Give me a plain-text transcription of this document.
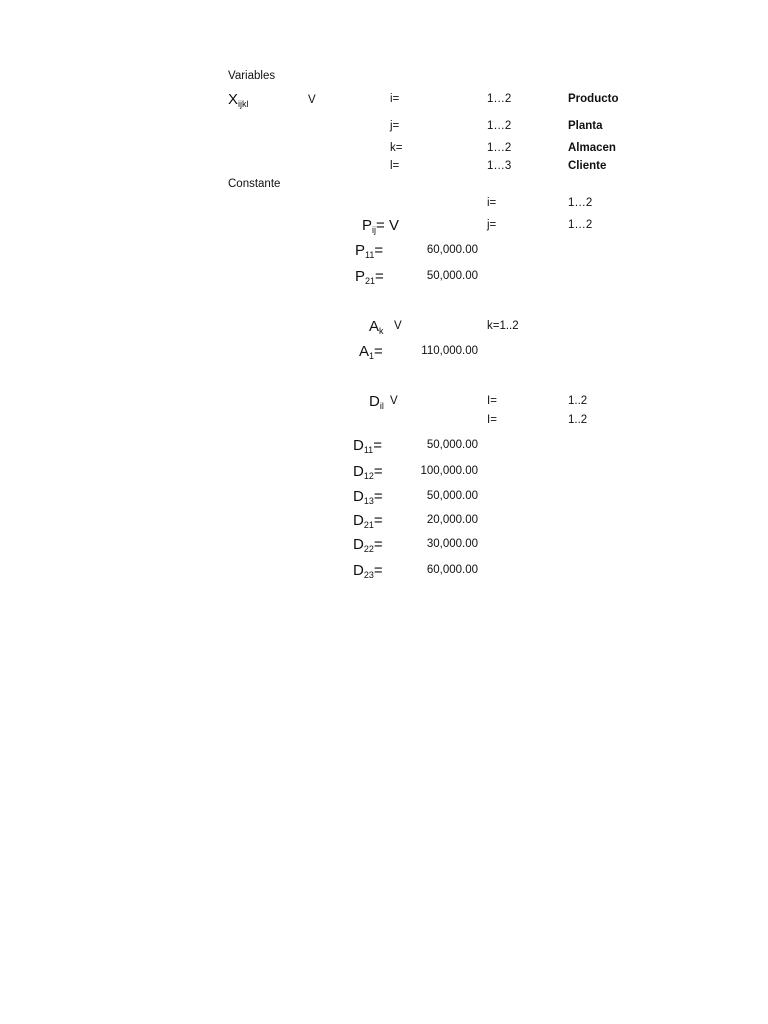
Variables
$X_{ijkl}$	V	i=	1…2	Producto
j=	1…2	Planta
k=	1…2	Almacen
l=	1…3	Cliente
Constante
i=	1…2
$P_{ij}= V$	j=	1…2
$P_{11}=$	60,000.00
$P_{21}=$	50,000.00
$A_k$ V	k=1..2
$A_1=$	110,000.00
$D_{il}$ V	I=	1..2
I=	1..2
$D_{11}=$	50,000.00
$D_{12}=$	100,000.00
$D_{13}=$	50,000.00
$D_{21}=$	20,000.00
$D_{22}=$	30,000.00
$D_{23}=$	60,000.00
